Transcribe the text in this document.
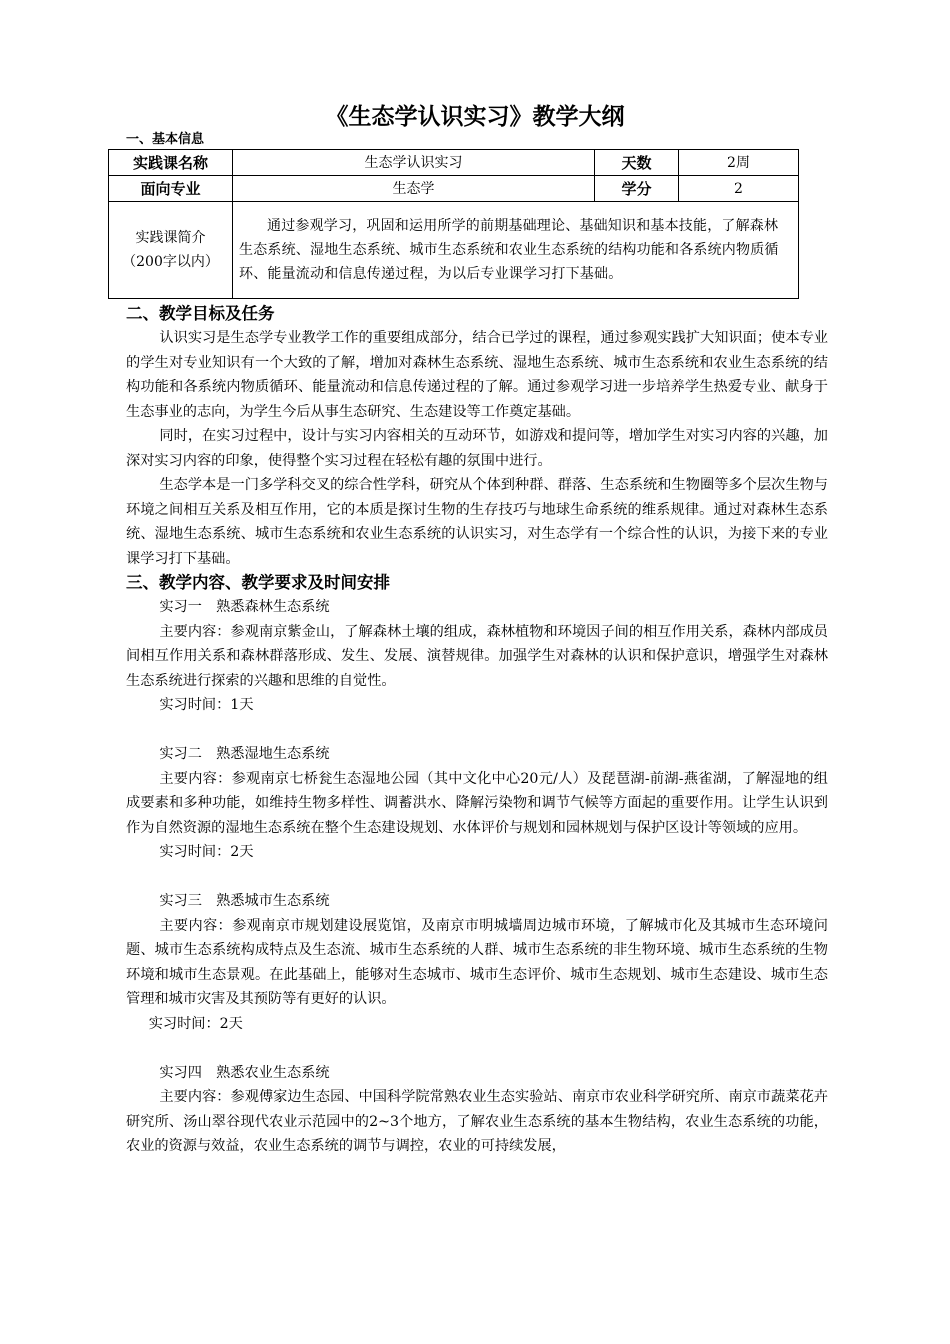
《生态学认识实习》教学大纲
一、基本信息
实践课名称	生态学认识实习	天数	2周
面向专业	生态学	学分	2

实践课简介
（200字以内）	通过参观学习，巩固和运用所学的前期基础理论、基础知识和基本技能，了解森林生态系统、湿地生态系统、城市生态系统和农业生态系统的结构功能和各系统内物质循环、能量流动和信息传递过程，为以后专业课学习打下基础。		
二、教学目标及任务

认识实习是生态学专业教学工作的重要组成部分，结合已学过的课程，通过参观实践扩大知识面；使本专业的学生对专业知识有一个大致的了解，增加对森林生态系统、湿地生态系统、城市生态系统和农业生态系统的结构功能和各系统内物质循环、能量流动和信息传递过程的了解。通过参观学习进一步培养学生热爱专业、献身于生态事业的志向，为学生今后从事生态研究、生态建设等工作奠定基础。

同时，在实习过程中，设计与实习内容相关的互动环节，如游戏和提问等，增加学生对实习内容的兴趣，加深对实习内容的印象，使得整个实习过程在轻松有趣的氛围中进行。

生态学本是一门多学科交叉的综合性学科，研究从个体到种群、群落、生态系统和生物圈等多个层次生物与环境之间相互关系及相互作用，它的本质是探讨生物的生存技巧与地球生命系统的维系规律。通过对森林生态系统、湿地生态系统、城市生态系统和农业生态系统的认识实习，对生态学有一个综合性的认识，为接下来的专业课学习打下基础。

三、教学内容、教学要求及时间安排

实习一　熟悉森林生态系统

主要内容：参观南京紫金山，了解森林土壤的组成，森林植物和环境因子间的相互作用关系，森林内部成员间相互作用关系和森林群落形成、发生、发展、演替规律。加强学生对森林的认识和保护意识，增强学生对森林生态系统进行探索的兴趣和思维的自觉性。

实习时间：1天

实习二　熟悉湿地生态系统

主要内容：参观南京七桥瓮生态湿地公园（其中文化中心20元/人）及琵琶湖-前湖-燕雀湖，了解湿地的组成要素和多种功能，如维持生物多样性、调蓄洪水、降解污染物和调节气候等方面起的重要作用。让学生认识到作为自然资源的湿地生态系统在整个生态建设规划、水体评价与规划和园林规划与保护区设计等领域的应用。

实习时间：2天

实习三　熟悉城市生态系统

主要内容：参观南京市规划建设展览馆，及南京市明城墙周边城市环境，了解城市化及其城市生态环境问题、城市生态系统构成特点及生态流、城市生态系统的人群、城市生态系统的非生物环境、城市生态系统的生物环境和城市生态景观。在此基础上，能够对生态城市、城市生态评价、城市生态规划、城市生态建设、城市生态管理和城市灾害及其预防等有更好的认识。

实习时间：2天

实习四　熟悉农业生态系统

主要内容：参观傅家边生态园、中国科学院常熟农业生态实验站、南京市农业科学研究所、南京市蔬菜花卉研究所、汤山翠谷现代农业示范园中的2~3个地方，了解农业生态系统的基本生物结构，农业生态系统的功能，农业的资源与效益，农业生态系统的调节与调控，农业的可持续发展，
